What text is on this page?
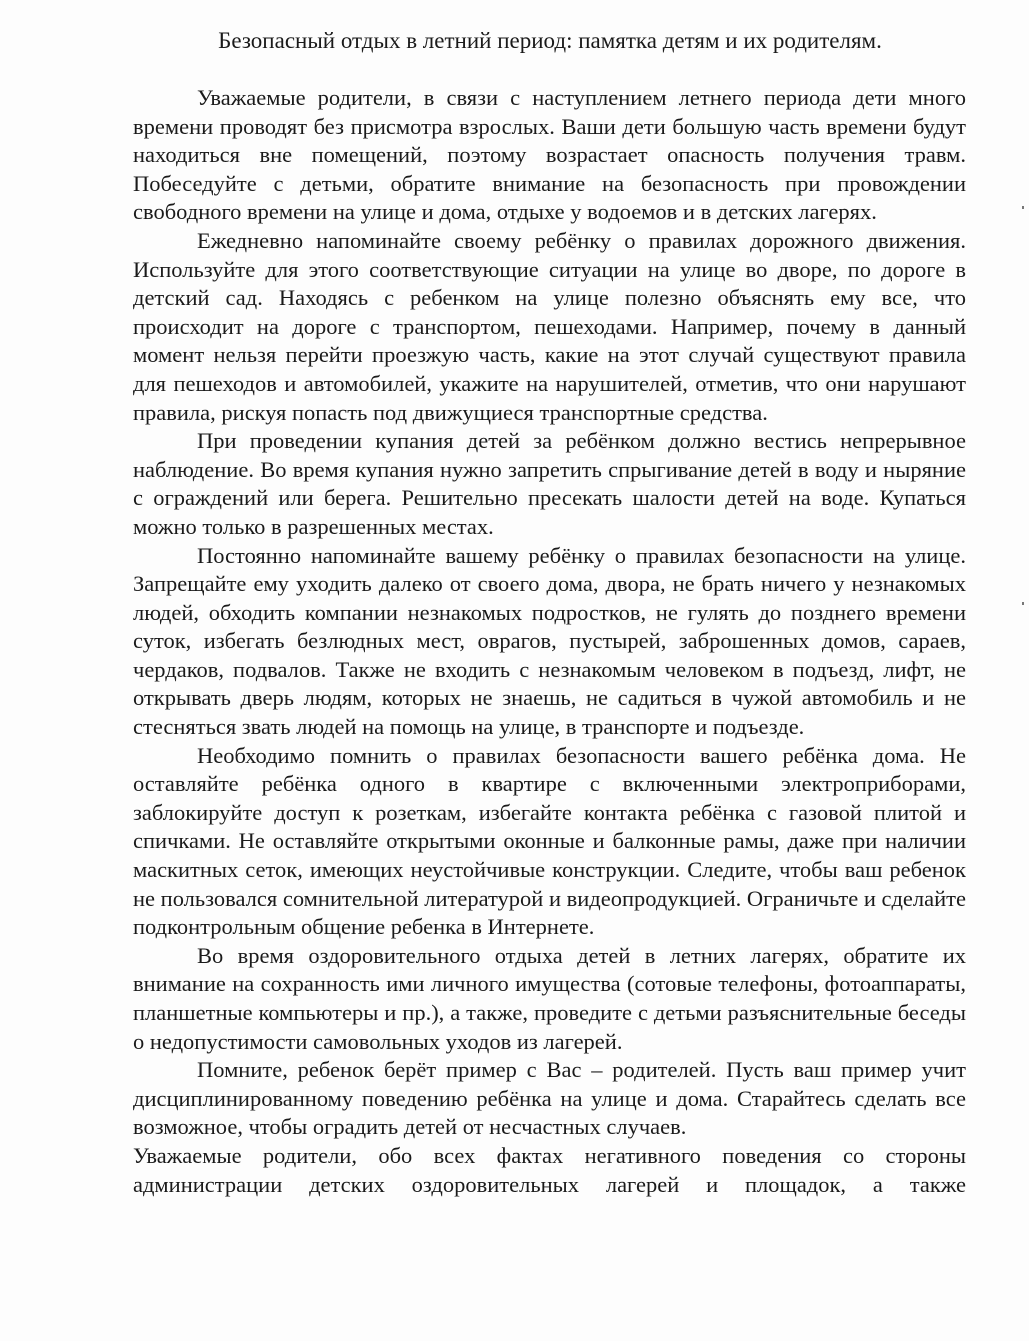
Безопасный отдых в летний период: памятка детям и их родителям.

Уважаемые родители, в связи с наступлением летнего периода дети много времени проводят без присмотра взрослых. Ваши дети большую часть времени будут находиться вне помещений, поэтому возрастает опасность получения травм. Побеседуйте с детьми, обратите внимание на безопасность при провождении свободного времени на улице и дома, отдыхе у водоемов и в детских лагерях.

Ежедневно напоминайте своему ребёнку о правилах дорожного движения. Используйте для этого соответствующие ситуации на улице во дворе, по дороге в детский сад. Находясь с ребенком на улице полезно объяснять ему все, что происходит на дороге с транспортом, пешеходами. Например, почему в данный момент нельзя перейти проезжую часть, какие на этот случай существуют правила для пешеходов и автомобилей, укажите на нарушителей, отметив, что они нарушают правила, рискуя попасть под движущиеся транспортные средства.

При проведении купания детей за ребёнком должно вестись непрерывное наблюдение. Во время купания нужно запретить спрыгивание детей в воду и ныряние с ограждений или берега. Решительно пресекать шалости детей на воде. Купаться можно только в разрешенных местах.

Постоянно напоминайте вашему ребёнку о правилах безопасности на улице. Запрещайте ему уходить далеко от своего дома, двора, не брать ничего у незнакомых людей, обходить компании незнакомых подростков, не гулять до позднего времени суток, избегать безлюдных мест, оврагов, пустырей, заброшенных домов, сараев, чердаков, подвалов. Также не входить с незнакомым человеком в подъезд, лифт, не открывать дверь людям, которых не знаешь, не садиться в чужой автомобиль и не стесняться звать людей на помощь на улице, в транспорте и подъезде.

Необходимо помнить о правилах безопасности вашего ребёнка дома. Не оставляйте ребёнка одного в квартире с включенными электроприборами, заблокируйте доступ к розеткам, избегайте контакта ребёнка с газовой плитой и спичками. Не оставляйте открытыми оконные и балконные рамы, даже при наличии маскитных сеток, имеющих неустойчивые конструкции. Следите, чтобы ваш ребенок не пользовался сомнительной литературой и видеопродукцией. Ограничьте и сделайте подконтрольным общение ребенка в Интернете.

Во время оздоровительного отдыха детей в летних лагерях, обратите их внимание на сохранность ими личного имущества (сотовые телефоны, фотоаппараты, планшетные компьютеры и пр.), а также, проведите с детьми разъяснительные беседы о недопустимости самовольных уходов из лагерей.

Помните, ребенок берёт пример с Вас – родителей. Пусть ваш пример учит дисциплинированному поведению ребёнка на улице и дома. Старайтесь сделать все возможное, чтобы оградить детей от несчастных случаев.

Уважаемые родители, обо всех фактах негативного поведения со стороны администрации детских оздоровительных лагерей и площадок, а также
